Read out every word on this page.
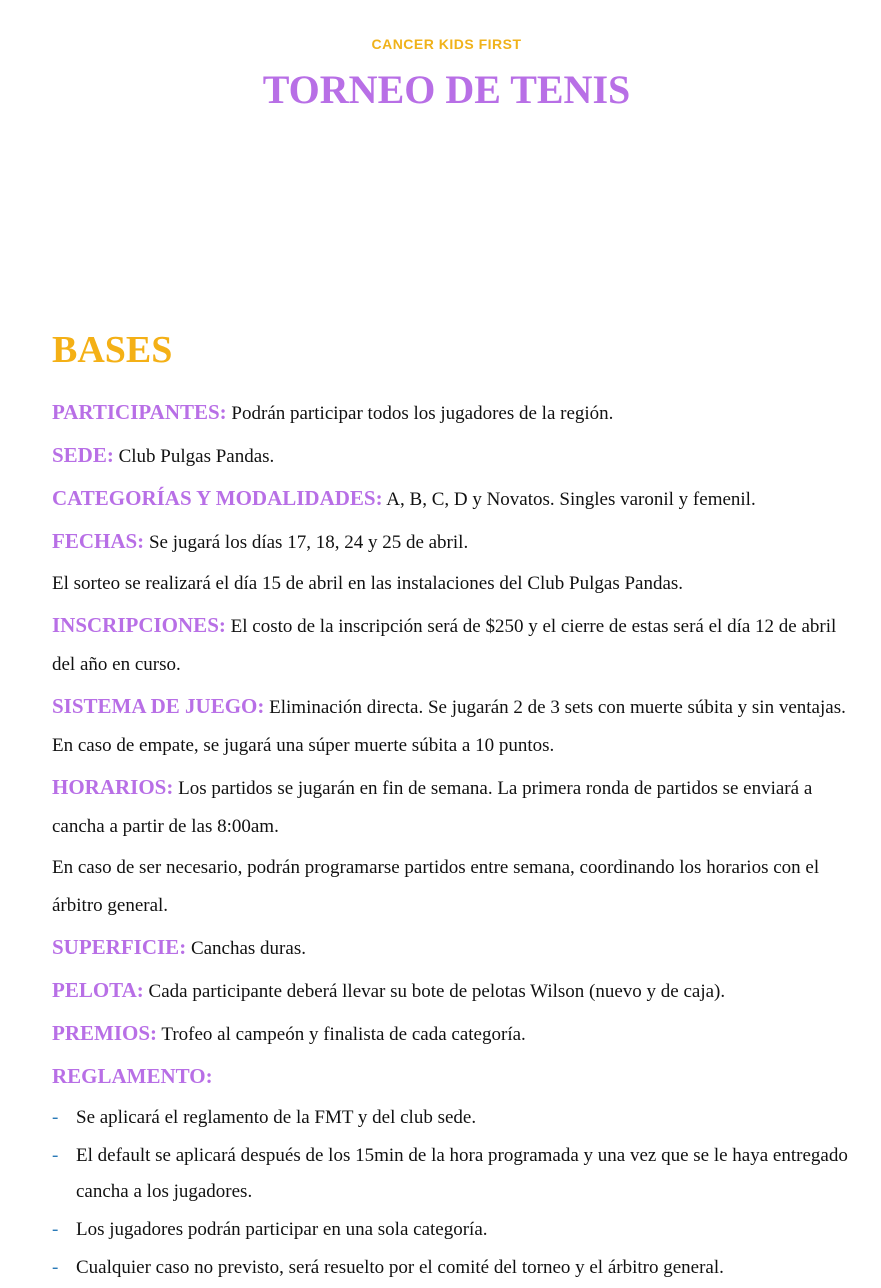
CANCER KIDS FIRST
TORNEO DE TENIS
BASES

PARTICIPANTES: Podrán participar todos los jugadores de la región.

SEDE: Club Pulgas Pandas.

CATEGORÍAS Y MODALIDADES: A, B, C, D y Novatos. Singles varonil y femenil.

FECHAS: Se jugará los días 17, 18, 24 y 25 de abril.

El sorteo se realizará el día 15 de abril en las instalaciones del Club Pulgas Pandas.

INSCRIPCIONES: El costo de la inscripción será de $250 y el cierre de estas será el día 12 de abril del año en curso.

SISTEMA DE JUEGO: Eliminación directa. Se jugarán 2 de 3 sets con muerte súbita y sin ventajas. En caso de empate, se jugará una súper muerte súbita a 10 puntos.

HORARIOS: Los partidos se jugarán en fin de semana. La primera ronda de partidos se enviará a cancha a partir de las 8:00am.

En caso de ser necesario, podrán programarse partidos entre semana, coordinando los horarios con el árbitro general.

SUPERFICIE: Canchas duras.

PELOTA: Cada participante deberá llevar su bote de pelotas Wilson (nuevo y de caja).

PREMIOS: Trofeo al campeón y finalista de cada categoría.

REGLAMENTO:

- Se aplicará el reglamento de la FMT y del club sede.
- El default se aplicará después de los 15min de la hora programada y una vez que se le haya entregado cancha a los jugadores.
- Los jugadores podrán participar en una sola categoría.
- Cualquier caso no previsto, será resuelto por el comité del torneo y el árbitro general.
